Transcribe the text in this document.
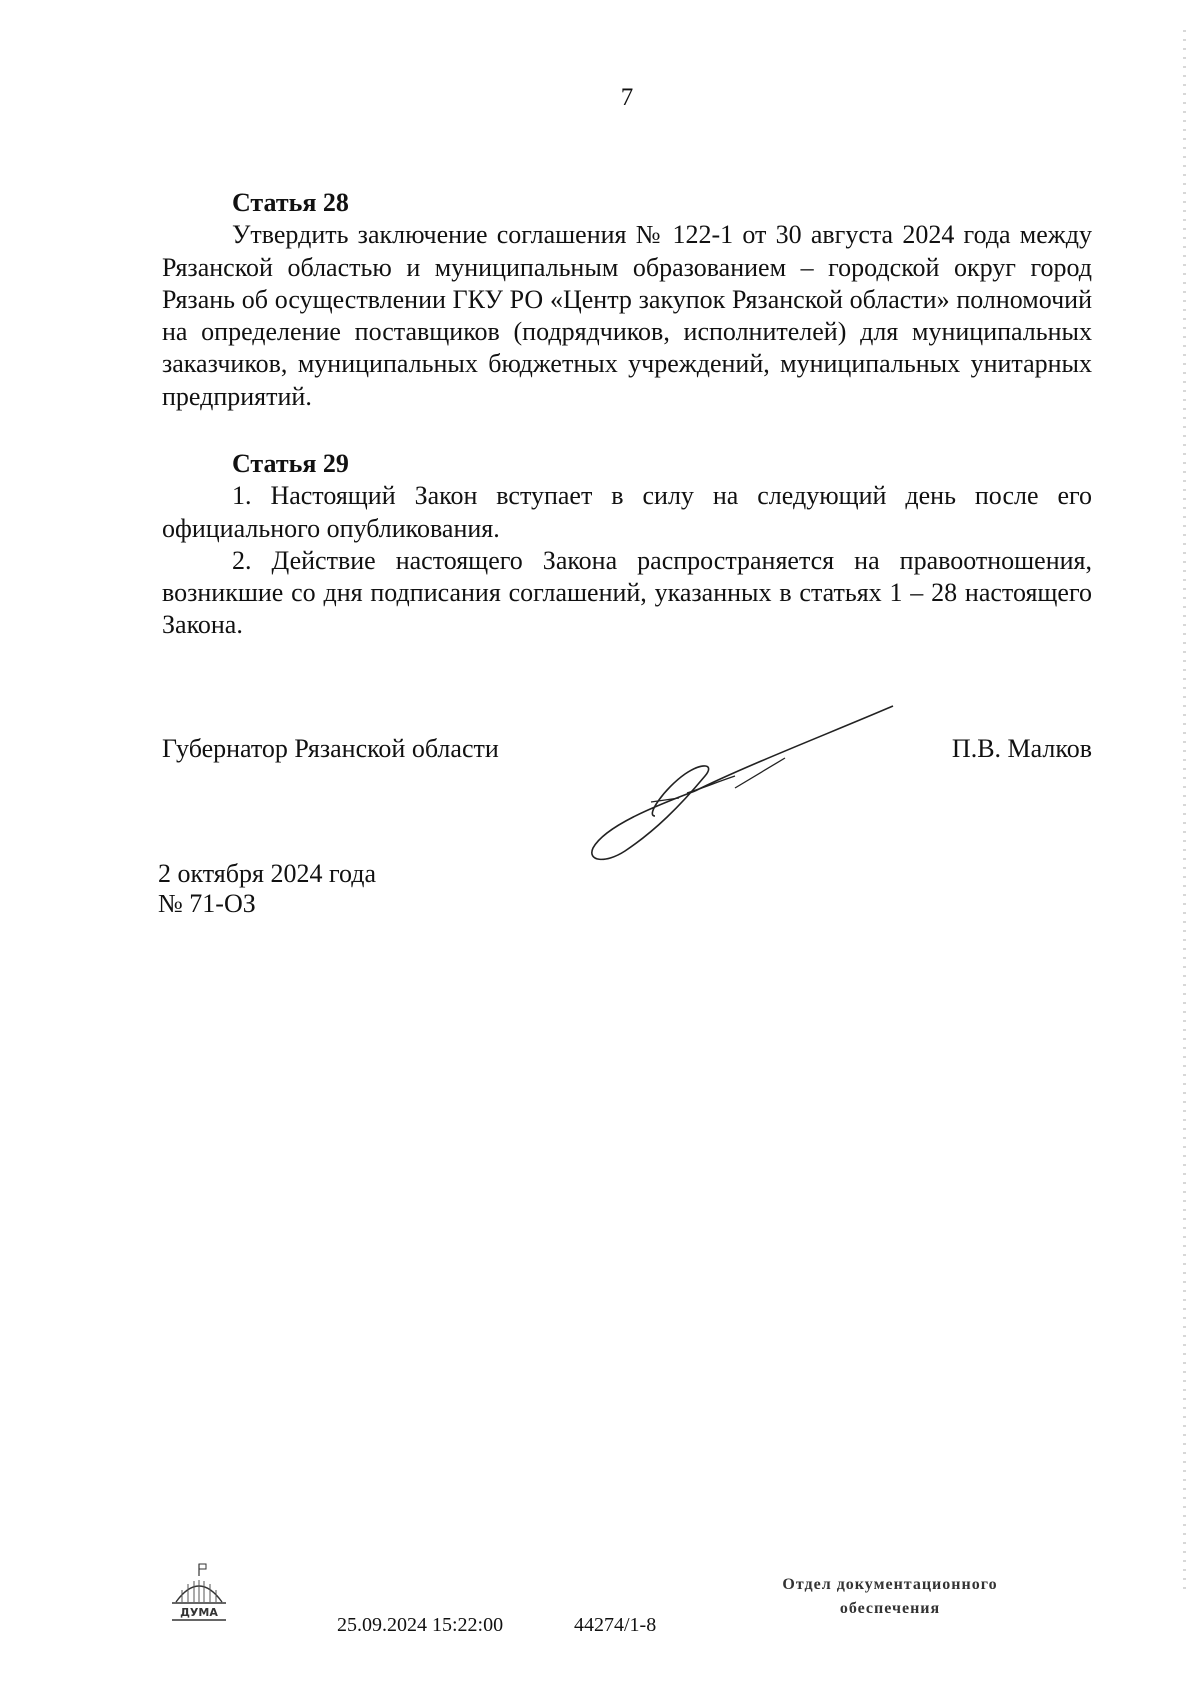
7
Статья 28

Утвердить заключение соглашения № 122-1 от 30 августа 2024 года между Рязанской областью и муниципальным образованием – городской округ город Рязань об осуществлении ГКУ РО «Центр закупок Рязанской области» полномочий на определение поставщиков (подрядчиков, исполнителей) для муниципальных заказчиков, муниципальных бюджетных учреждений, муниципальных унитарных предприятий.

Статья 29

1. Настоящий Закон вступает в силу на следующий день после его официального опубликования.

2. Действие настоящего Закона распространяется на правоотношения, возникшие со дня подписания соглашений, указанных в статьях 1 – 28 настоящего Закона.

Губернатор Рязанской области	П.В. Малков
2 октября 2024 года
№ 71-ОЗ
ДУМА
25.09.2024 15:22:00	44274/1-8
Отдел документационного
обеспечения
